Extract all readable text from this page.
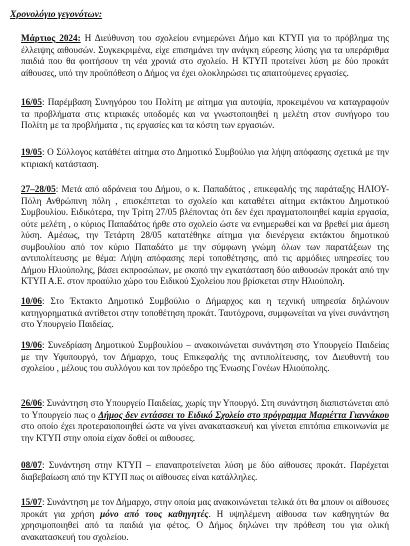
Χρονολόγιο γεγονότων:

Μάρτιος 2024: Η Διεύθυνση του σχολείου ενημερώνει Δήμο και ΚΤΥΠ για το πρόβλημα της έλλειψης αιθουσών. Συγκεκριμένα, είχε επισημάνει την ανάγκη εύρεσης λύσης για τα υπεράριθμα παιδιά που θα φοιτήσουν τη νέα χρονιά στο σχολείο. Η ΚΤΥΠ προτείνει λύση με δύο προκάτ αίθουσες, υπό την προϋπόθεση ο Δήμος να έχει ολοκληρώσει τις απαιτούμενες εργασίες.

16/05: Παρέμβαση Συνηγόρου του Πολίτη με αίτημα για αυτοψία, προκειμένου να καταγραφούν τα προβλήματα στις κτιριακές υποδομές και να γνωστοποιηθεί η μελέτη στον συνήγορο του Πολίτη με τα προβλήματα , τις εργασίες και τα κόστη των εργασιών.

19/05: Ο Σύλλογος κατάθέτει αίτημα στο Δημοτικό Συμβούλιο για λήψη απόφασης σχετικά με την κτιριακή κατάσταση.

27–28/05: Μετά από αδράνεια του Δήμου, ο κ. Παπαδάτος , επικεφαλής της παράταξης ΗΛΙΟΥ-Πόλη Ανθρώπινη πόλη , επισκέπτεται το σχολείο και καταθέτει αίτημα εκτάκτου Δημοτικού Συμβουλίου. Ειδικότερα, την Τρίτη 27/05 βλέποντας ότι δεν έχει πραγματοποιηθεί καμία εργασία, ούτε μελέτη , ο κύριος Παπαδάτος ήρθε στο σχολείο ώστε να ενημερωθεί και να βρεθεί μια άμεση λύση. Αμέσως, την Τετάρτη 28/05 κατατέθηκε αίτημα για διενέργεια εκτάκτου δημοτικού συμβουλίου από τον κύριο Παπαδάτο με την σύμφωνη γνώμη όλων των παρατάξεων της αντιπολίτευσης με θέμα: Λήψη απόφασης περί τοποθέτησης, από τις αρμόδιες υπηρεσίες του Δήμου Ηλιούπολης, βάσει εκπροσώπων, με σκοπό την εγκατάσταση δύο αιθουσών προκάτ από την ΚΤΥΠ Α.Ε. στον προαύλιο χώρο του Ειδικού Σχολείου που βρίσκεται στην Ηλιούπολη.

10/06: Στο Έκτακτο Δημοτικό Συμβούλιο ο Δήμαρχος και η τεχνική υπηρεσία δηλώνουν κατηγορηματικά αντίθετοι στην τοποθέτηση προκάτ. Ταυτόχρονα, συμφωνείται να γίνει συνάντηση στο Υπουργείο Παιδείας.

19/06: Συνεδρίαση Δημοτικού Συμβουλίου – ανακοινώνεται συνάντηση στο Υπουργείο Παιδείας με την Υφυπουργό, τον Δήμαρχο, τους Επικεφαλής της αντιπολίτευσης, τον Διευθυντή του σχολείου , μέλους του συλλόγου και τον πρόεδρο της Ένωσης Γονέων Ηλιούπολης.

26/06: Συνάντηση στο Υπουργείο Παιδείας, χωρίς την Υπουργό. Στη συνάντηση διαπιστώνεται από το Υπουργείο πως ο Δήμος δεν εντάσσει το Ειδικό Σχολείο στο πρόγραμμα Μαριέττα Γιαννάκου στο οποίο έχει προτεραιοποιηθεί ώστε να γίνει ανακατασκευή και γίνεται επιτόπια επικοινωνία με την ΚΤΥΠ στην οποία είχαν δοθεί οι αιθουσες.

08/07: Συνάντηση στην ΚΤΥΠ – επαναπροτείνεται λύση με δύο αίθουσες προκάτ. Παρέχεται διαβεβαίωση από την ΚΤΥΠ πως οι αίθουσες είναι κατάλληλες.

15/07: Συνάντηση με τον Δήμαρχο, στην οποία μας ανακοινώνεται τελικά ότι θα μπουν οι αίθουσες προκάτ για χρήση μόνο από τους καθηγητές. Η υψηλέμενη αίθουσα των καθηγητών θα χρησιμοποιηθεί από τα παιδιά για φέτος. Ο Δήμος δηλώνει την πρόθεση του για ολική ανακατασκευή του σχολείου.
